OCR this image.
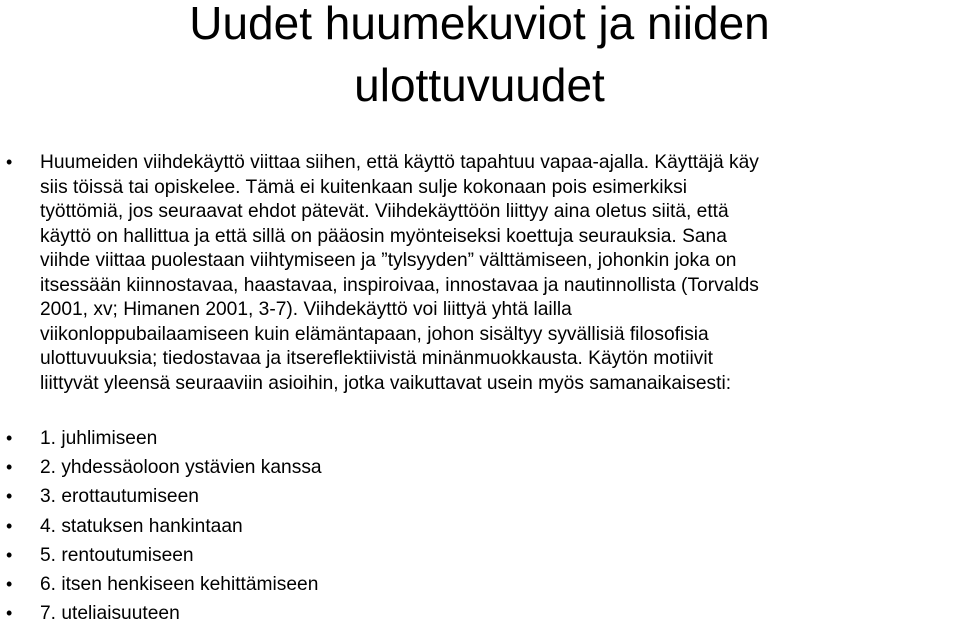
Uudet huumekuviot ja niiden
ulottuvuudet
• Huumeiden viihdekäyttö viittaa siihen, että käyttö tapahtuu vapaa-ajalla. Käyttäjä käy
siis töissä tai opiskelee. Tämä ei kuitenkaan sulje kokonaan pois esimerkiksi
työttömiä, jos seuraavat ehdot pätevät. Viihdekäyttöön liittyy aina oletus siitä, että
käyttö on hallittua ja että sillä on pääosin myönteiseksi koettuja seurauksia. Sana
viihde viittaa puolestaan viihtymiseen ja ”tylsyyden” välttämiseen, johonkin joka on
itsessään kiinnostavaa, haastavaa, inspiroivaa, innostavaa ja nautinnollista (Torvalds
2001, xv; Himanen 2001, 3-7). Viihdekäyttö voi liittyä yhtä lailla
viikonloppubailaamiseen kuin elämäntapaan, johon sisältyy syvällisiä filosofisia
ulottuvuuksia; tiedostavaa ja itsereflektiivistä minänmuokkausta. Käytön motiivit
liittyvät yleensä seuraaviin asioihin, jotka vaikuttavat usein myös samanaikaisesti:

• 1. juhlimiseen
• 2. yhdessäoloon ystävien kanssa
• 3. erottautumiseen
• 4. statuksen hankintaan
• 5. rentoutumiseen
• 6. itsen henkiseen kehittämiseen
• 7. uteliaisuuteen
